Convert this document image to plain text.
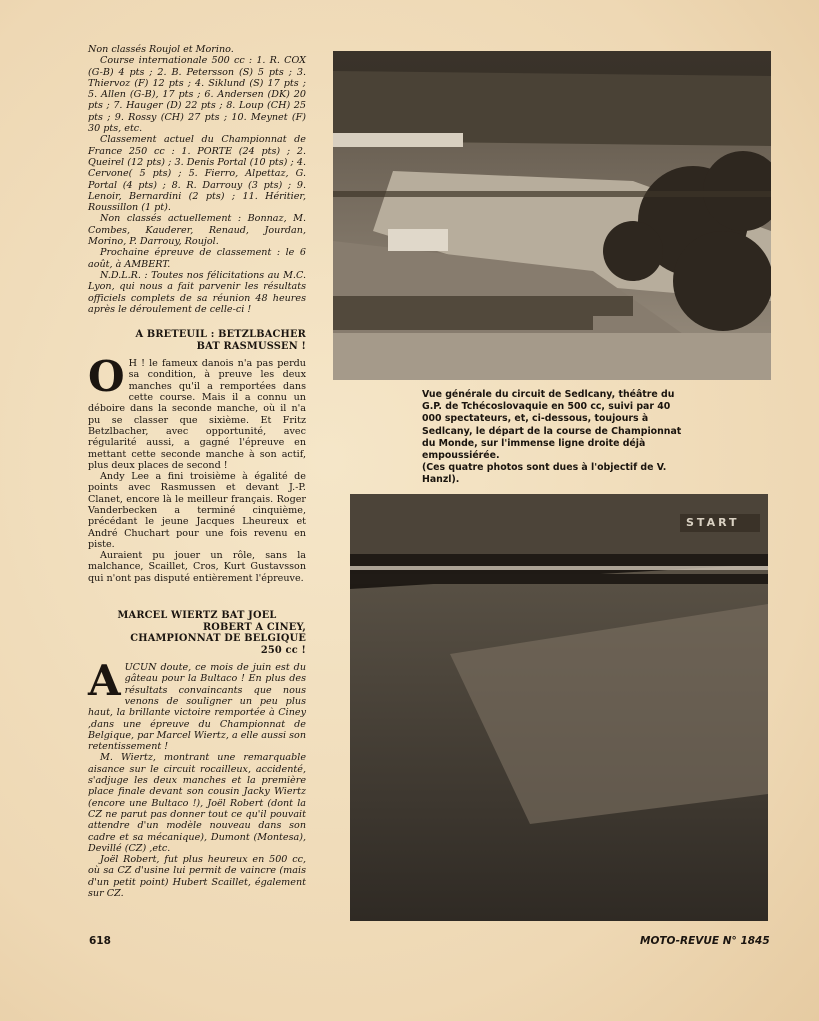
Non classés Roujol et Morino.

Course internationale 500 cc : 1. R. COX (G-B) 4 pts ; 2. B. Petersson (S) 5 pts ; 3. Thiervoz (F) 12 pts ; 4. Siklund (S) 17 pts ; 5. Allen (G-B), 17 pts ; 6. Andersen (DK) 20 pts ; 7. Hauger (D) 22 pts ; 8. Loup (CH) 25 pts ; 9. Rossy (CH) 27 pts ; 10. Meynet (F) 30 pts, etc.

Classement actuel du Championnat de France 250 cc : 1. PORTE (24 pts) ; 2. Queirel (12 pts) ; 3. Denis Portal (10 pts) ; 4. Cervone( 5 pts) ; 5. Fierro, Alpettaz, G. Portal (4 pts) ; 8. R. Darrouy (3 pts) ; 9. Lenoir, Bernardini (2 pts) ; 11. Héritier, Roussillon (1 pt).

Non classés actuellement : Bonnaz, M. Combes, Kauderer, Renaud, Jourdan, Morino, P. Darrouy, Roujol.

Prochaine épreuve de classement : le 6 août, à AMBERT.

N.D.L.R. : Toutes nos félicitations au M.C. Lyon, qui nous a fait parvenir les résultats officiels complets de sa réunion 48 heures après le déroulement de celle-ci !

A BRETEUIL : BETZLBACHER
BAT RASMUSSEN !

O H ! le fameux danois n'a pas perdu sa condition, à preuve les deux manches qu'il a remportées dans cette course. Mais il a connu un déboire dans la seconde manche, où il n'a pu se classer que sixième. Et Fritz Betzlbacher, avec opportunité, avec régularité aussi, a gagné l'épreuve en mettant cette seconde manche à son actif, plus deux places de second !

Andy Lee a fini troisième à égalité de points avec Rasmussen et devant J.-P. Clanet, encore là le meilleur français. Roger Vanderbecken a terminé cinquième, précédant le jeune Jacques Lheureux et André Chuchart pour une fois revenu en piste.

Auraient pu jouer un rôle, sans la malchance, Scaillet, Cros, Kurt Gustavsson qui n'ont pas disputé entièrement l'épreuve.

MARCEL WIERTZ BAT JOEL
ROBERT A CINEY,
CHAMPIONNAT DE BELGIQUE
250 cc !

AUCUN doute, ce mois de juin est du gâteau pour la Bultaco ! En plus des résultats convaincants que nous venons de souligner un peu plus haut, la brillante victoire remportée à Ciney ,dans une épreuve du Championnat de Belgique, par Marcel Wiertz, a elle aussi son retentissement !

M. Wiertz, montrant une remarquable aisance sur le circuit rocailleux, accidenté, s'adjuge les deux manches et la première place finale devant son cousin Jacky Wiertz (encore une Bultaco !), Joël Robert (dont la CZ ne parut pas donner tout ce qu'il pouvait attendre d'un modèle nouveau dans son cadre et sa mécanique), Dumont (Montesa), Devillé (CZ) ,etc.

Joël Robert, fut plus heureux en 500 cc, où sa CZ d'usine lui permit de vaincre (mais d'un petit point) Hubert Scaillet, également sur CZ.

Vue générale du circuit de Sedlcany, théâtre du G.P. de Tchécoslovaquie en 500 cc, suivi par 40 000 spectateurs, et, ci-dessous, toujours à Sedlcany, le départ de la course de Championnat du Monde, sur l'immense ligne droite déjà empoussiérée.

(Ces quatre photos sont dues à l'objectif de V. Hanzl).

START
618	MOTO-REVUE N° 1845
